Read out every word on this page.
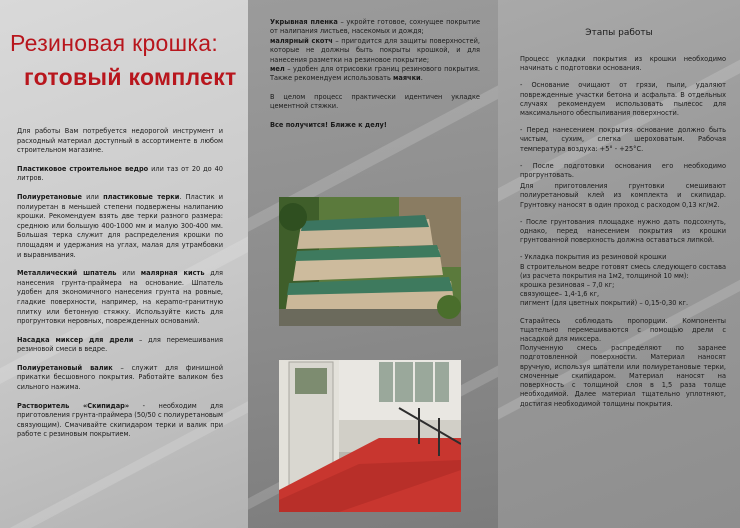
Резиновая крошка:
готовый комплект

Для работы Вам потребуется недорогой инструмент и расходный материал доступный в ассортименте в любом строительном магазине.

Пластиковое строительное ведро или таз от 20 до 40 литров.

Полиуретановые или пластиковые терки. Пластик и полиуретан в меньшей степени подвержены налипанию крошки. Рекомендуем взять две терки разного размера: среднюю или большую 400-1000 мм и малую 300-400 мм. Большая терка служит для распределения крошки по площадям и удержания на углах, малая для утрамбовки и выравнивания.

Металлический шпатель или малярная кисть для нанесения грунта-праймера на основание. Шпатель удобен для экономичного нанесения грунта на ровные, гладкие поверхности, например, на кераmo-гранитную плитку или бетонную стяжку. Используйте кисть для прогрунтовки неровных, поврежденных оснований.

Насадка миксер для дрели – для перемешивания резиновой смеси в ведре.

Полиуретановый валик – служит для финишной прикатки бесшовного покрытия. Работайте валиком без сильного нажима.

Растворитель «Скипидар» - необходим для приготовления грунта-праймера (50/50 с полиуретановым связующим). Смачивайте скипидаром терки и валик при работе с резиновым покрытием.

Укрывная пленка – укройте готовое, сохнущее покрытие от налипания листьев, насекомых и дождя;
малярный скотч – пригодится для защиты поверхностей, которые не должны быть покрыты крошкой, и для нанесения разметки на резиновое покрытие;
мел – удобен для отрисовки границ резинового покрытия. Также рекомендуем использовать маячки.

В целом процесс практически идентичен укладке цементной стяжки.

Все получится! Ближе к делу!

Этапы работы

Процесс укладки покрытия из крошки необходимо начинать с подготовки основания.

- Основание очищают от грязи, пыли, удаляют поврежденные участки бетона и асфальта. В отдельных случаях рекомендуем использовать пылесос для максимального обеспыливания поверхности.

- Перед нанесением покрытия основание должно быть чистым, сухим, слегка шероховатым. Рабочая температура воздуха: +5° - +25°С.

- После подготовки основания его необходимо прогрунтовать.

Для приготовления грунтовки смешивают полиуретановый клей из комплекта и скипидар. Грунтовку наносят в один проход с расходом 0,13 кг/м2.

- После грунтования площадке нужно дать подсохнуть, однако, перед нанесением покрытия из крошки грунтованной поверхность должна оставаться липкой.

- Укладка покрытия из резиновой крошки
В строительном ведре готовят смесь следующего состава (из расчета покрытия на 1м2, толщиной 10 мм):
крошка резиновая – 7,0 кг;
связующее– 1,4-1,6 кг,
пигмент (для цветных покрытий) – 0,15-0,30 кг.

Старайтесь соблюдать пропорции. Компоненты тщательно перемешиваются с помощью дрели с насадкой для миксера.
Полученную смесь распределяют по заранее подготовленной поверхности. Материал наносят вручную, используя шпатели или полиуретановые терки, смоченные скипидаром. Материал наносят на поверхность с толщиной слоя в 1,5 раза толще необходимой. Далее материал тщательно уплотняют, достигая необходимой толщины покрытия.
